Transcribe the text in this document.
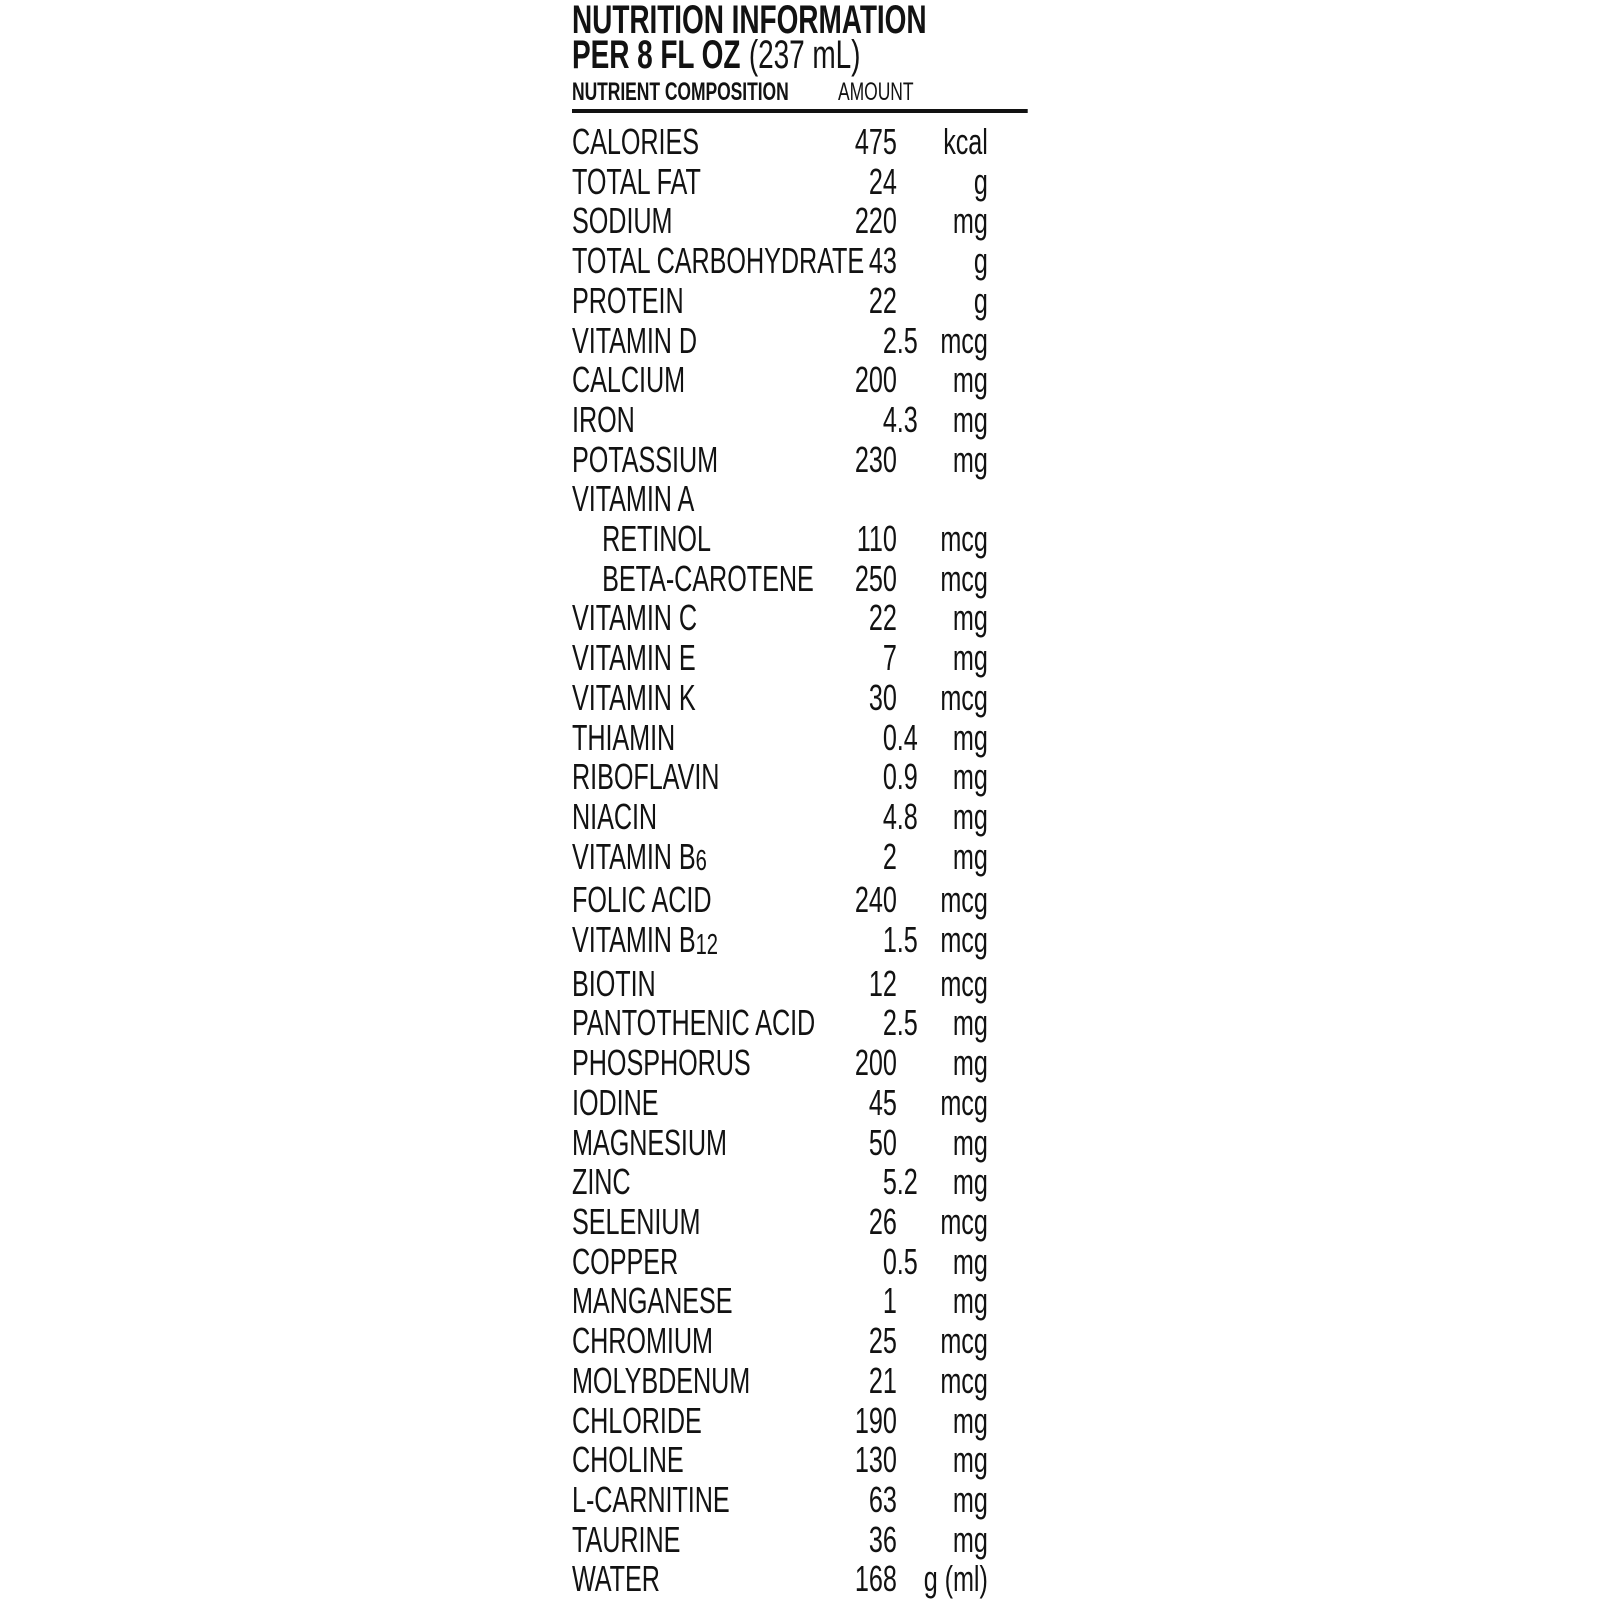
NUTRITION INFORMATION
PER 8 FL OZ (237 mL)
NUTRIENT COMPOSITION	AMOUNT
CALORIES	475	kcal
TOTAL FAT	24	g
SODIUM	220	mg
TOTAL CARBOHYDRATE 43	g
PROTEIN	22	g
VITAMIN D	2 .5 mcg
CALCIUM	200	mg
IRON	4 .3 mg
POTASSIUM	230	mg
VITAMIN A
RETINOL	110	mcg
BETA-CAROTENE	250	mcg
VITAMIN C	22	mg
VITAMIN E	7	mg
VITAMIN K	30	mcg
THIAMIN	0 .4 mg
RIBOFLAVIN	0 .9 mg
NIACIN	4 .8 mg
VITAMIN B6	2	mg
FOLIC ACID	240	mcg
VITAMIN B12	1 .5 mcg
BIOTIN	12	mcg
PANTOTHENIC ACID	2 .5 mg
PHOSPHORUS	200	mg
IODINE	45	mcg
MAGNESIUM	50	mg
ZINC	5 .2 mg
SELENIUM	26	mcg
COPPER	0 .5 mg
MANGANESE	1	mg
CHROMIUM	25	mcg
MOLYBDENUM	21	mcg
CHLORIDE	190	mg
CHOLINE	130	mg
L-CARNITINE	63	mg
TAURINE	36	mg
WATER	168 g (ml)
